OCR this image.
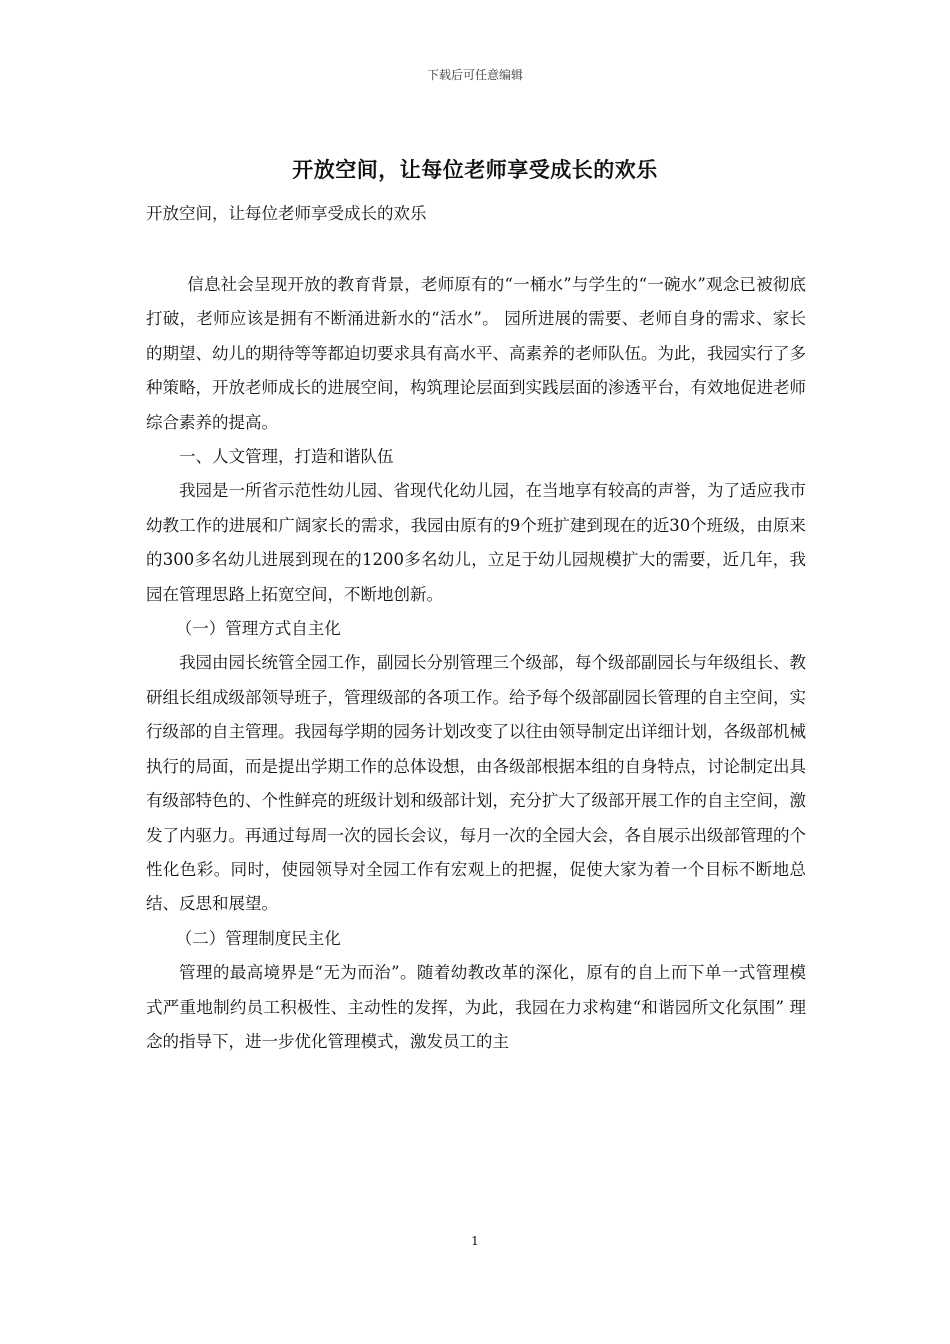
下载后可任意编辑
开放空间，让每位老师享受成长的欢乐
开放空间，让每位老师享受成长的欢乐

信息社会呈现开放的教育背景，老师原有的“一桶水”与学生的“一碗水”观念已被彻底打破，老师应该是拥有不断涌进新水的“活水”。 园所进展的需要、老师自身的需求、家长的期望、幼儿的期待等等都迫切要求具有高水平、高素养的老师队伍。为此，我园实行了多种策略，开放老师成长的进展空间，构筑理论层面到实践层面的渗透平台，有效地促进老师综合素养的提高。

一、人文管理，打造和谐队伍

我园是一所省示范性幼儿园、省现代化幼儿园，在当地享有较高的声誉，为了适应我市幼教工作的进展和广阔家长的需求，我园由原有的9个班扩建到现在的近30个班级，由原来的300多名幼儿进展到现在的1200多名幼儿，立足于幼儿园规模扩大的需要，近几年，我园在管理思路上拓宽空间，不断地创新。

（一）管理方式自主化

我园由园长统管全园工作，副园长分别管理三个级部，每个级部副园长与年级组长、教研组长组成级部领导班子，管理级部的各项工作。给予每个级部副园长管理的自主空间，实行级部的自主管理。我园每学期的园务计划改变了以往由领导制定出详细计划，各级部机械执行的局面，而是提出学期工作的总体设想，由各级部根据本组的自身特点，讨论制定出具有级部特色的、个性鲜亮的班级计划和级部计划，充分扩大了级部开展工作的自主空间，激发了内驱力。再通过每周一次的园长会议，每月一次的全园大会，各自展示出级部管理的个性化色彩。同时，使园领导对全园工作有宏观上的把握，促使大家为着一个目标不断地总结、反思和展望。

（二）管理制度民主化

管理的最高境界是“无为而治”。随着幼教改革的深化，原有的自上而下单一式管理模式严重地制约员工积极性、主动性的发挥，为此，我园在力求构建“和谐园所文化氛围” 理念的指导下，进一步优化管理模式，激发员工的主

1
